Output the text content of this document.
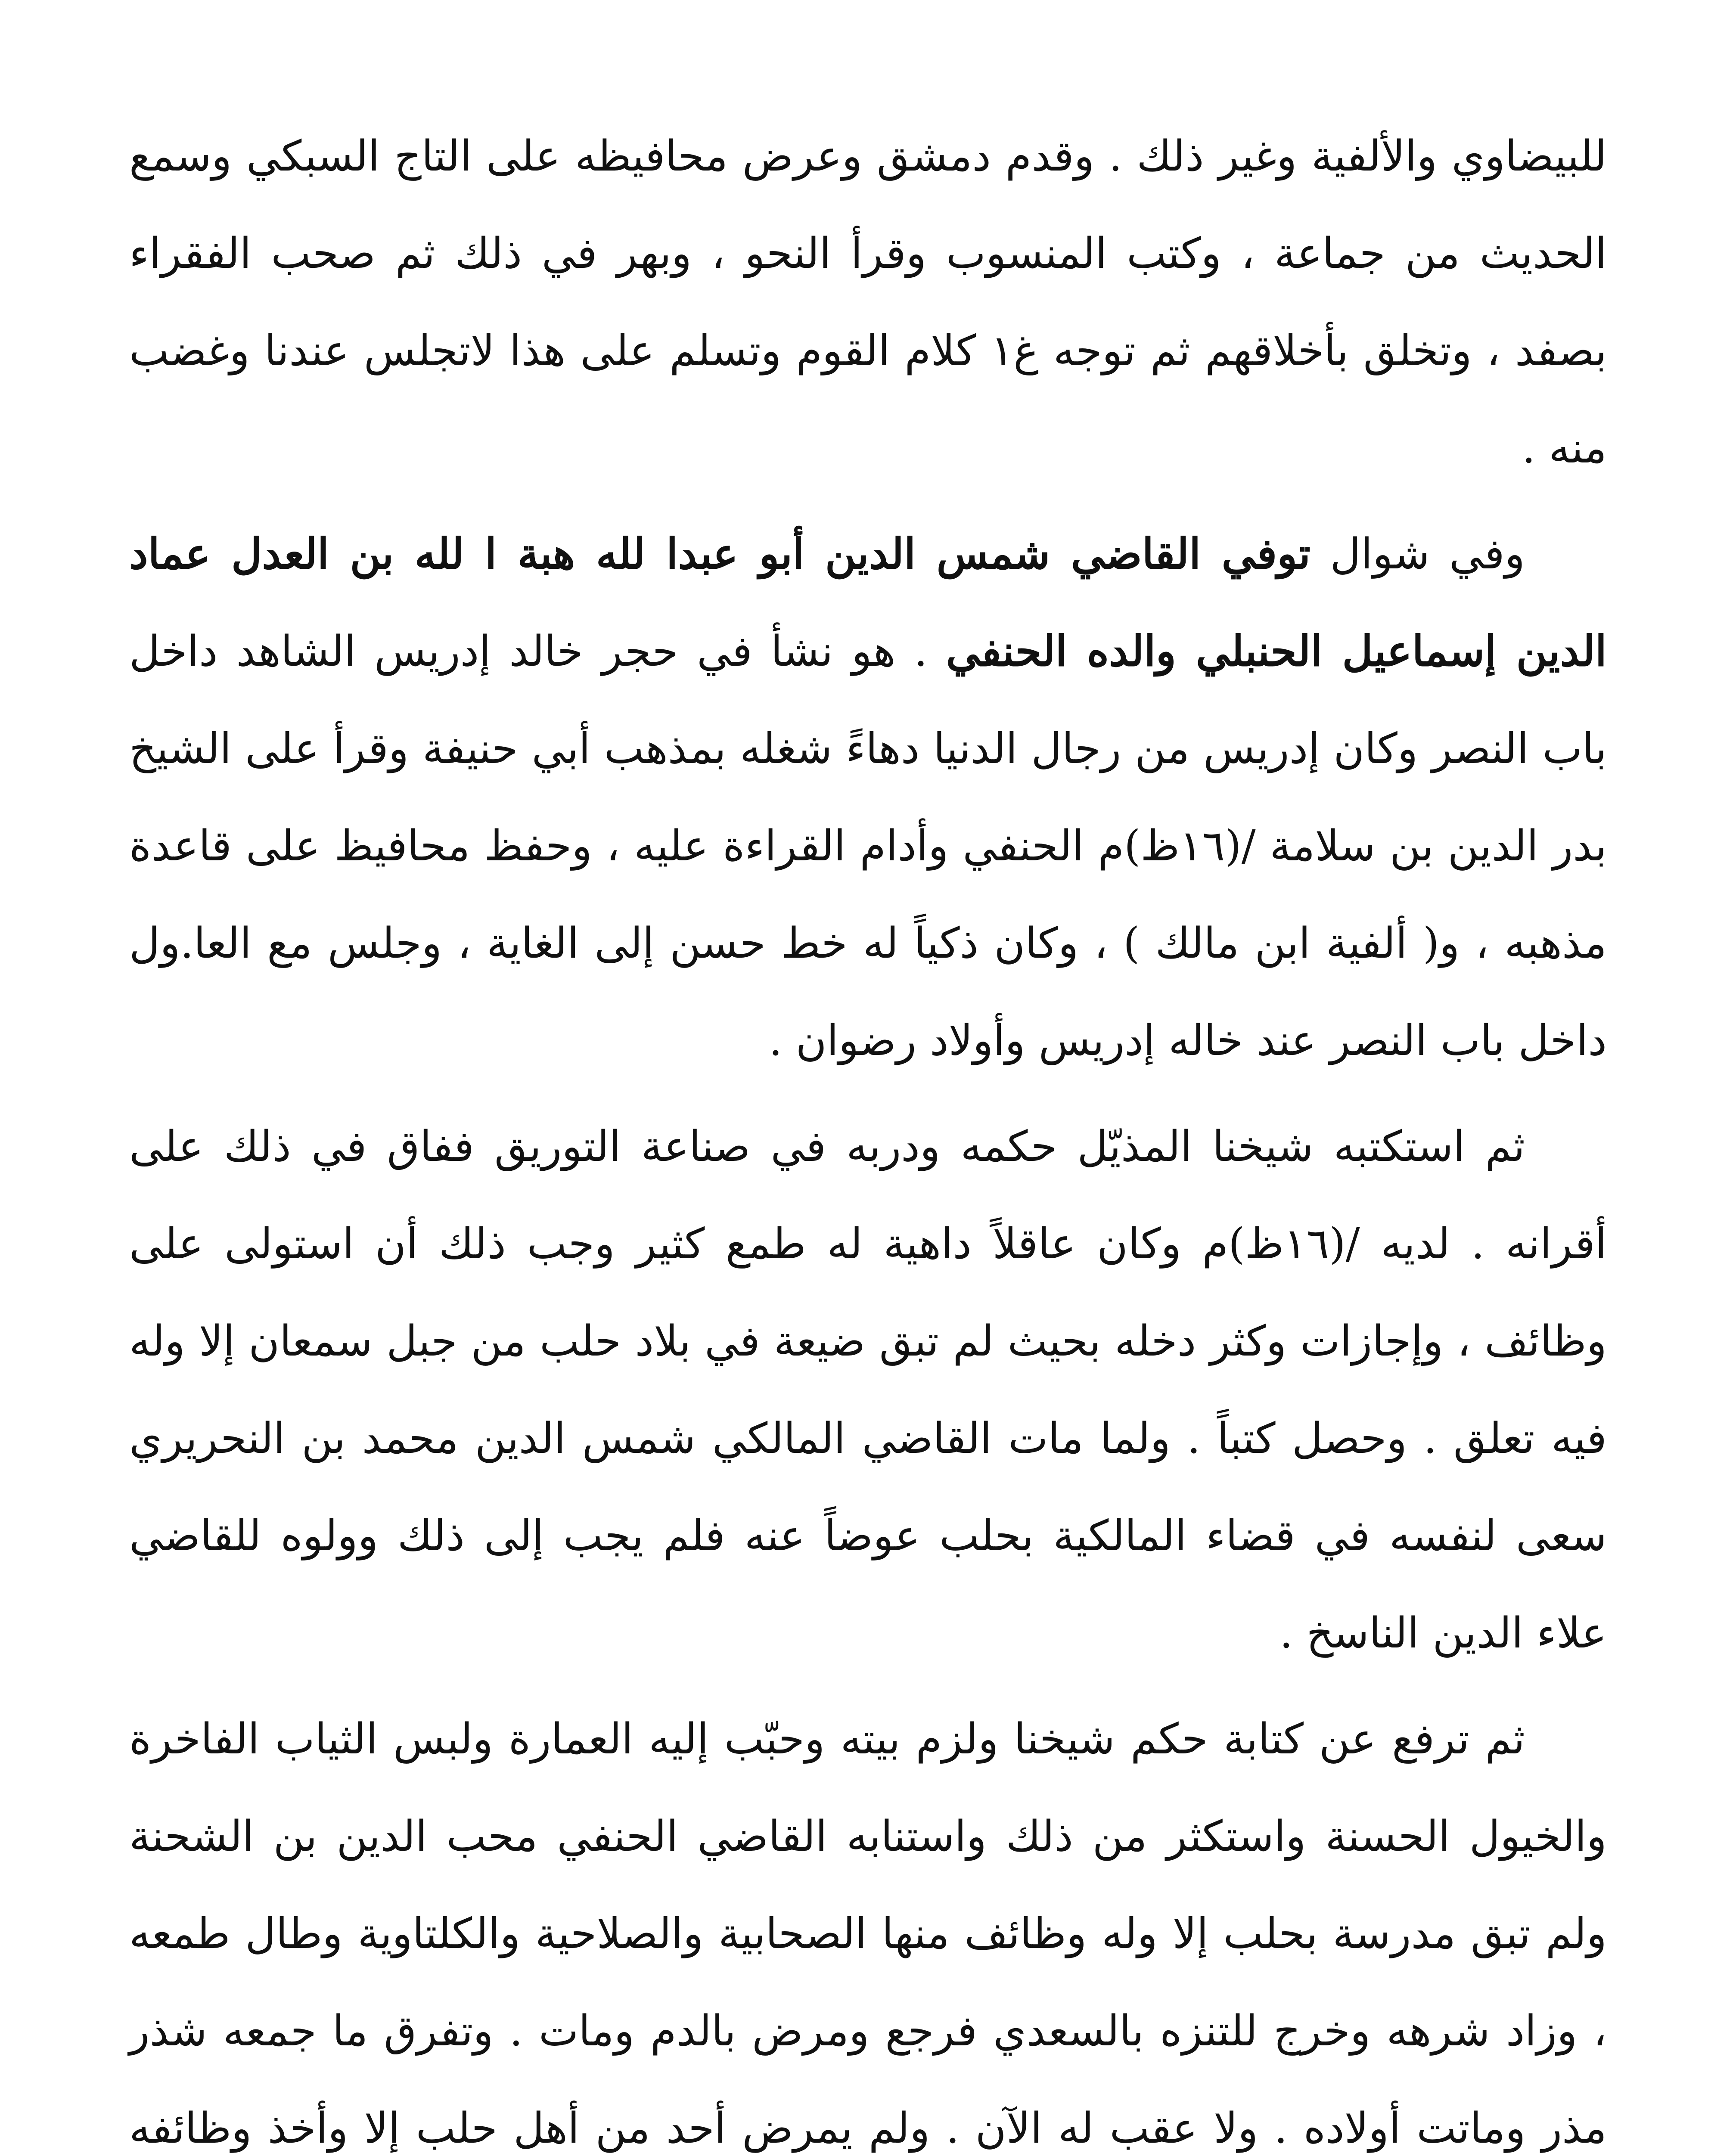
للبيضاوي والألفية وغير ذلك . وقدم دمشق وعرض محافيظه على التاج السبكي وسمع الحديث من جماعة ، وكتب المنسوب وقرأ النحو ، وبهر في ذلك ثم صحب الفقراء بصفد ، وتخلق بأخلاقهم ثم توجه غ١ كلام القوم وتسلم على هذا لاتجلس عندنا وغضب منه .

وفي شوال توفي القاضي شمس الدين أبو عبدا لله هبة ا لله بن العدل عماد الدين إسماعيل الحنبلي والده الحنفي . هو نشأ في حجر خالد إدريس الشاهد داخل باب النصر وكان إدريس من رجال الدنيا دهاءً شغله بمذهب أبي حنيفة وقرأ على الشيخ بدر الدين بن سلامة /(١٦ظ)م الحنفي وأدام القراءة عليه ، وحفظ محافيظ على قاعدة مذهبه ، و( ألفية ابن مالك ) ، وكان ذكياً له خط حسن إلى الغاية ، وجلس مع العا.ول داخل باب النصر عند خاله إدريس وأولاد رضوان .

ثم استكتبه شيخنا المذيّل حكمه ودربه في صناعة التوريق ففاق في ذلك على أقرانه . لديه /(١٦ظ)م وكان عاقلاً داهية له طمع كثير وجب ذلك أن استولى على وظائف ، وإجازات وكثر دخله بحيث لم تبق ضيعة في بلاد حلب من جبل سمعان إلا وله فيه تعلق . وحصل كتباً . ولما مات القاضي المالكي شمس الدين محمد بن النحريري سعى لنفسه في قضاء المالكية بحلب عوضاً عنه فلم يجب إلى ذلك وولوه للقاضي علاء الدين الناسخ .

ثم ترفع عن كتابة حكم شيخنا ولزم بيته وحبّب إليه العمارة ولبس الثياب الفاخرة والخيول الحسنة واستكثر من ذلك واستنابه القاضي الحنفي محب الدين بن الشحنة ولم تبق مدرسة بحلب إلا وله وظائف منها الصحابية والصلاحية والكلتاوية وطال طمعه ، وزاد شرهه وخرج للتنزه بالسعدي فرجع ومرض بالدم ومات . وتفرق ما جمعه شذر مذر وماتت أولاده . ولا عقب له الآن . ولم يمرض أحد من أهل حلب إلا وأخذ وظائفه
